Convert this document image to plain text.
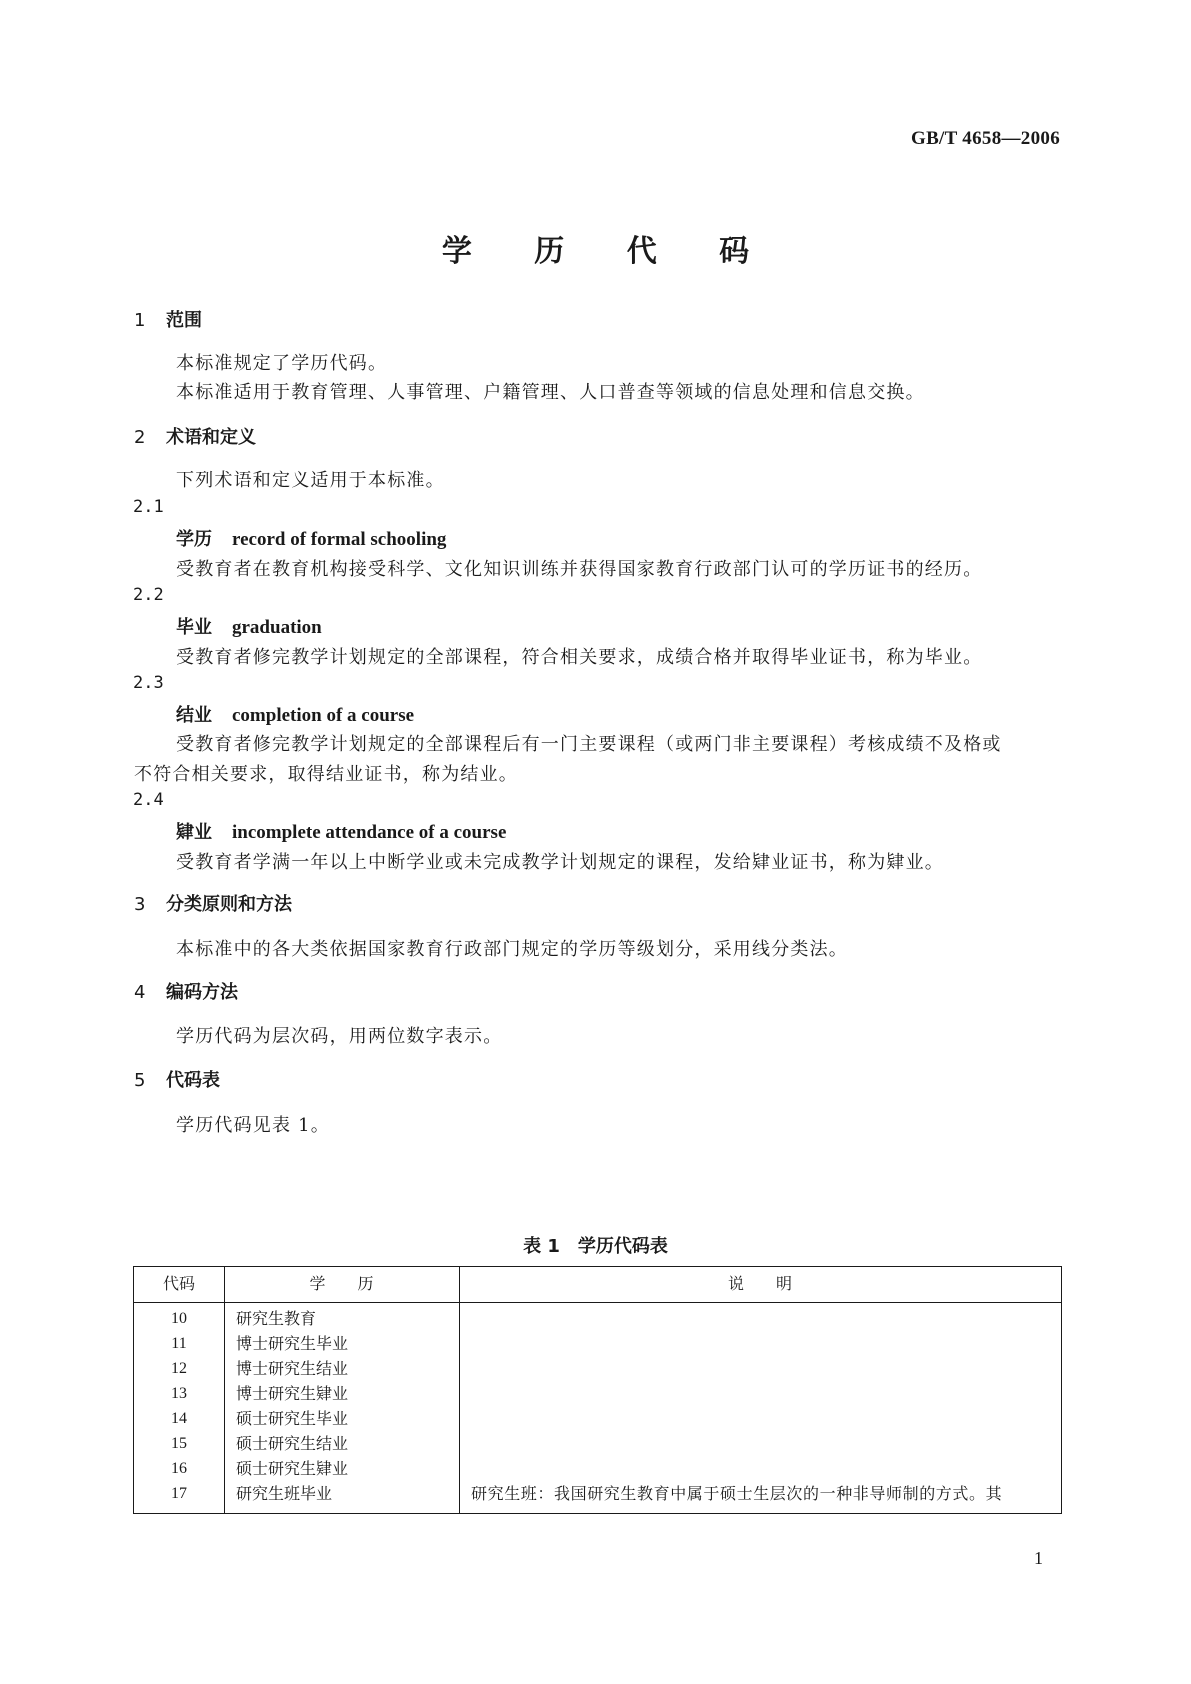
GB/T 4658—2006
学 历 代 码
1 范围
本标准规定了学历代码。
本标准适用于教育管理、人事管理、户籍管理、人口普查等领域的信息处理和信息交换。
2 术语和定义
下列术语和定义适用于本标准。
2.1
学历 record of formal schooling
受教育者在教育机构接受科学、文化知识训练并获得国家教育行政部门认可的学历证书的经历。
2.2
毕业 graduation
受教育者修完教学计划规定的全部课程，符合相关要求，成绩合格并取得毕业证书，称为毕业。
2.3
结业 completion of a course
受教育者修完教学计划规定的全部课程后有一门主要课程（或两门非主要课程）考核成绩不及格或
不符合相关要求，取得结业证书，称为结业。
2.4
肄业 incomplete attendance of a course
受教育者学满一年以上中断学业或未完成教学计划规定的课程，发给肄业证书，称为肄业。
3 分类原则和方法
本标准中的各大类依据国家教育行政部门规定的学历等级划分，采用线分类法。
4 编码方法
学历代码为层次码，用两位数字表示。
5 代码表
学历代码见表 1。
表 1 学历代码表
代码	学　　历	说　　明
10	研究生教育
11	博士研究生毕业
12	博士研究生结业
13	博士研究生肄业
14	硕士研究生毕业
15	硕士研究生结业
16	硕士研究生肄业
17	研究生班毕业	研究生班：我国研究生教育中属于硕士生层次的一种非导师制的方式。其
1
